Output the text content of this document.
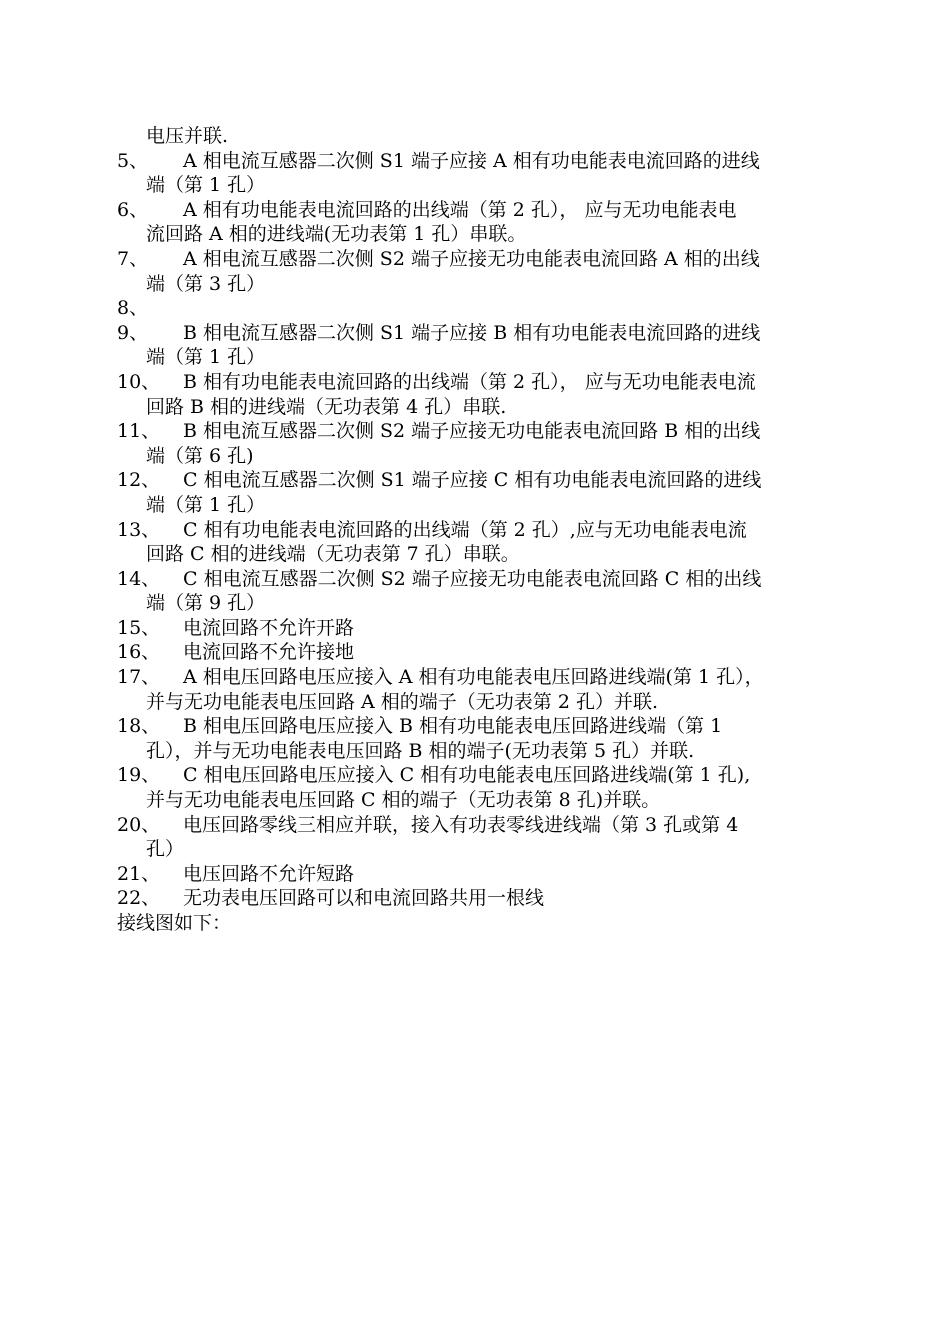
电压并联.
5、 A 相电流互感器二次侧 S1 端子应接 A 相有功电能表电流回路的进线
端（第 1 孔）
6、 A 相有功电能表电流回路的出线端（第 2 孔）， 应与无功电能表电
流回路 A 相的进线端(无功表第 1 孔）串联。
7、 A 相电流互感器二次侧 S2 端子应接无功电能表电流回路 A 相的出线
端（第 3 孔）
8、
9、 B 相电流互感器二次侧 S1 端子应接 B 相有功电能表电流回路的进线
端（第 1 孔）
10、 B 相有功电能表电流回路的出线端（第 2 孔）， 应与无功电能表电流
回路 B 相的进线端（无功表第 4 孔）串联.
11、 B 相电流互感器二次侧 S2 端子应接无功电能表电流回路 B 相的出线
端（第 6 孔)
12、 C 相电流互感器二次侧 S1 端子应接 C 相有功电能表电流回路的进线
端（第 1 孔）
13、 C 相有功电能表电流回路的出线端（第 2 孔）,应与无功电能表电流
回路 C 相的进线端（无功表第 7 孔）串联。
14、 C 相电流互感器二次侧 S2 端子应接无功电能表电流回路 C 相的出线
端（第 9 孔）
15、 电流回路不允许开路
16、 电流回路不允许接地
17、 A 相电压回路电压应接入 A 相有功电能表电压回路进线端(第 1 孔），
并与无功电能表电压回路 A 相的端子（无功表第 2 孔）并联.
18、 B 相电压回路电压应接入 B 相有功电能表电压回路进线端（第 1
孔），并与无功电能表电压回路 B 相的端子(无功表第 5 孔）并联.
19、 C 相电压回路电压应接入 C 相有功电能表电压回路进线端(第 1 孔),
并与无功电能表电压回路 C 相的端子（无功表第 8 孔)并联。
20、 电压回路零线三相应并联，接入有功表零线进线端（第 3 孔或第 4
孔）
21、 电压回路不允许短路
22、 无功表电压回路可以和电流回路共用一根线
接线图如下：
